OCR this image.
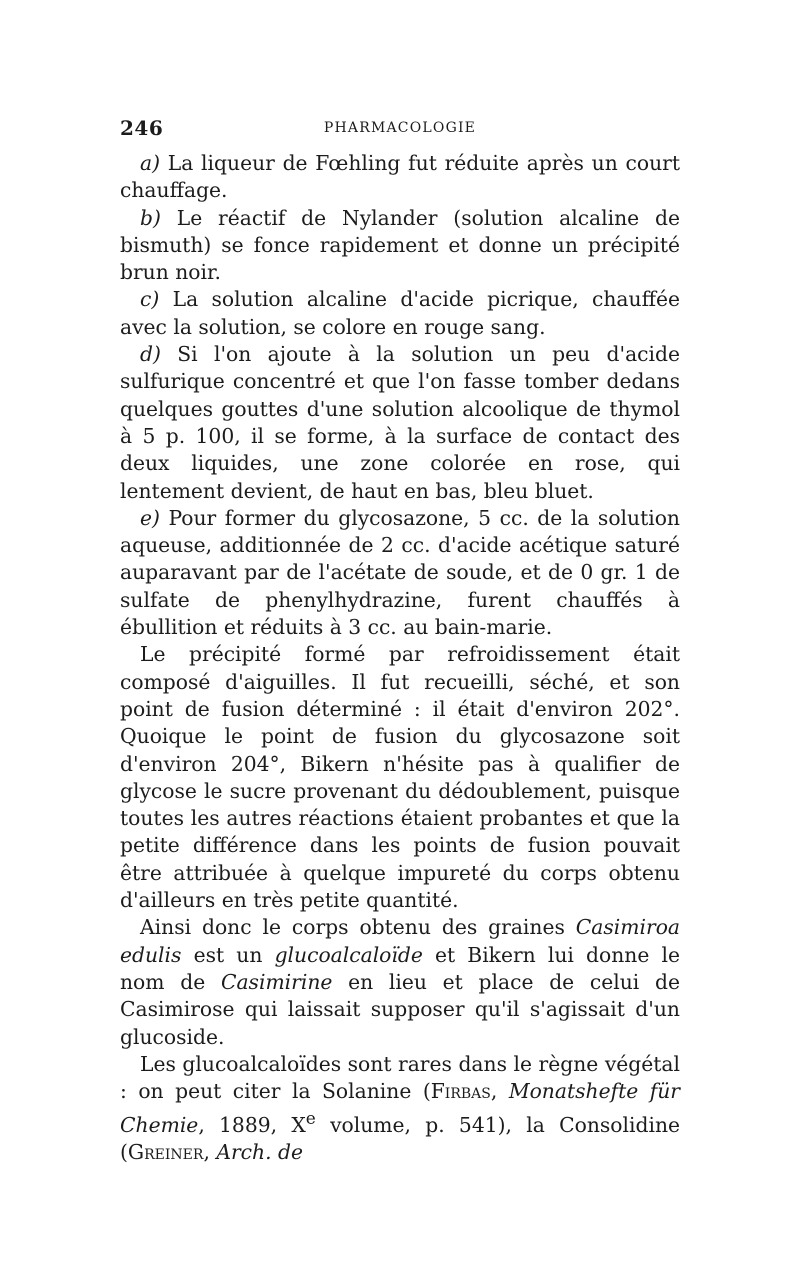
246	PHARMACOLOGIE

a) La liqueur de Fœhling fut réduite après un court chauffage.

b) Le réactif de Nylander (solution alcaline de bismuth) se fonce rapidement et donne un précipité brun noir.

c) La solution alcaline d'acide picrique, chauffée avec la solution, se colore en rouge sang.

d) Si l'on ajoute à la solution un peu d'acide sulfurique concentré et que l'on fasse tomber dedans quelques gouttes d'une solution alcoolique de thymol à 5 p. 100, il se forme, à la surface de contact des deux liquides, une zone colorée en rose, qui lentement devient, de haut en bas, bleu bluet.

e) Pour former du glycosazone, 5 cc. de la solution aqueuse, additionnée de 2 cc. d'acide acétique saturé auparavant par de l'acétate de soude, et de 0 gr. 1 de sulfate de phenylhydrazine, furent chauffés à ébullition et réduits à 3 cc. au bain-marie.

Le précipité formé par refroidissement était composé d'aiguilles. Il fut recueilli, séché, et son point de fusion déterminé : il était d'environ 202°. Quoique le point de fusion du glycosazone soit d'environ 204°, Bikern n'hésite pas à qualifier de glycose le sucre provenant du dédoublement, puisque toutes les autres réactions étaient probantes et que la petite différence dans les points de fusion pouvait être attribuée à quelque impureté du corps obtenu d'ailleurs en très petite quantité.

Ainsi donc le corps obtenu des graines Casimiroa edulis est un glucoalcaloïde et Bikern lui donne le nom de Casimirine en lieu et place de celui de Casimirose qui laissait supposer qu'il s'agissait d'un glucoside.

Les glucoalcaloïdes sont rares dans le règne végétal : on peut citer la Solanine (Firbas, Monatshefte für Chemie, 1889, Xe volume, p. 541), la Consolidine (Greiner, Arch. de
